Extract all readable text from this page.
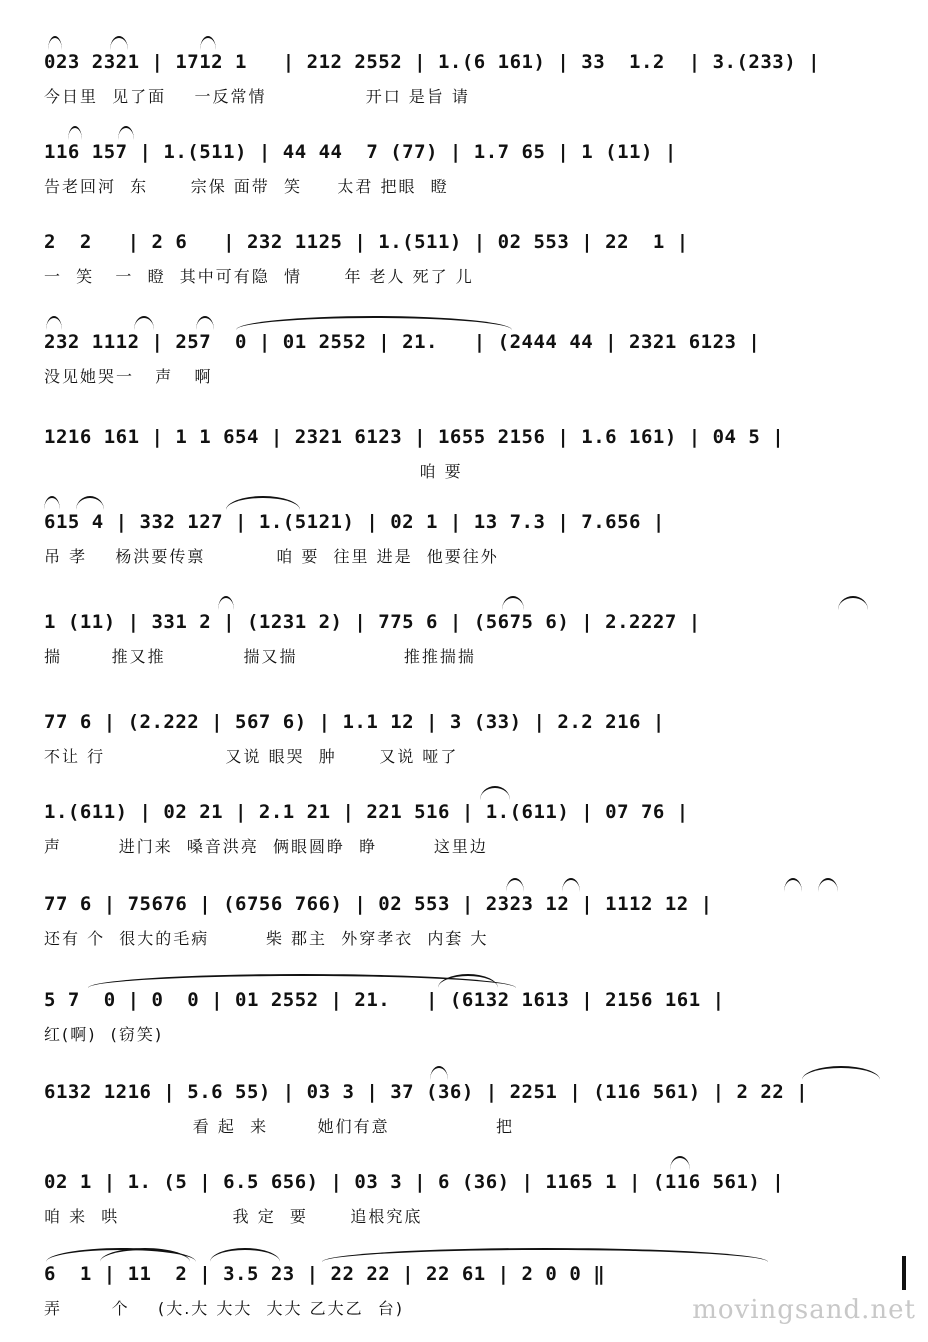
023 2321 | 1712 1   | 212 2552 | 1.(6 161) | 33  1.2  | 3.(233) |
今日里  见了面    一反常情              开口 是旨 请
116 157 | 1.(511) | 44 44  7 (77) | 1.7 65 | 1 (11) |
告老回河  东      宗保 面带  笑     太君 把眼  瞪
2  2   | 2 6   | 232 1125 | 1.(511) | 02 553 | 22  1 |
一  笑   一  瞪  其中可有隐  情      年 老人 死了 儿
232 1112 | 257  0 | 01 2552 | 21.   | (2444 44 | 2321 6123 |
没见她哭一   声   啊
1216 161 | 1 1 654 | 2321 6123 | 1655 2156 | 1.6 161) | 04 5 |
咱 要
615 4 | 332 127 | 1.(5121) | 02 1 | 13 7.3 | 7.656 |
吊 孝    杨洪要传禀          咱 要  往里 进是  他要往外
1 (11) | 331 2 | (1231 2) | 775 6 | (5675 6) | 2.2227 |
揣       推又推           揣又揣               推推揣揣
77 6 | (2.222 | 567 6) | 1.1 12 | 3 (33) | 2.2 216 |
不让 行                 又说 眼哭  肿      又说 哑了
1.(611) | 02 21 | 2.1 21 | 221 516 | 1.(611) | 07 76 |
声        进门来  嗓音洪亮  俩眼圆睁  睁        这里边
77 6 | 75676 | (6756 766) | 02 553 | 2323 12 | 1112 12 |
还有 个  很大的毛病        柴 郡主  外穿孝衣  内套 大
5 7  0 | 0  0 | 01 2552 | 21.   | (6132 1613 | 2156 161 |
红(啊)  (窃笑)
6132 1216 | 5.6 55) | 03 3 | 37 (36) | 2251 | (116 561) | 2 22 |
看 起  来       她们有意               把
02 1 | 1. (5 | 6.5 656) | 03 3 | 6 (36) | 1165 1 | (116 561) |
咱 来  哄                我 定  要      追根究底
6  1 | 11  2 | 3.5 23 | 22 22 | 22 61 | 2 0 0 ‖
弄       个    (大.大 大大  大大 乙大乙  台)	movingsand.net
